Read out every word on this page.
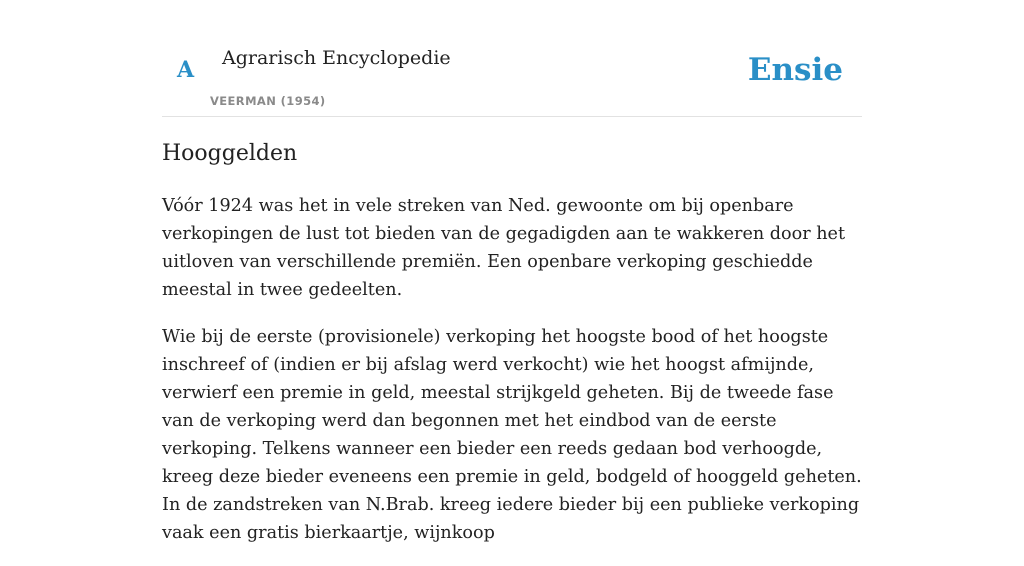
A Agrarisch Encyclopedie
VEERMAN (1954)
Ensie
Hooggelden

Vóór 1924 was het in vele streken van Ned. gewoonte om bij openbare verkopingen de lust tot bieden van de gegadigden aan te wakkeren door het uitloven van verschillende premiën. Een openbare verkoping geschiedde meestal in twee gedeelten.

Wie bij de eerste (provisionele) verkoping het hoogste bood of het hoogste inschreef of (indien er bij afslag werd verkocht) wie het hoogst afmijnde, verwierf een premie in geld, meestal strijkgeld geheten. Bij de tweede fase van de verkoping werd dan begonnen met het eindbod van de eerste verkoping. Telkens wanneer een bieder een reeds gedaan bod verhoogde, kreeg deze bieder eveneens een premie in geld, bodgeld of hooggeld geheten. In de zandstreken van N.Brab. kreeg iedere bieder bij een publieke verkoping vaak een gratis bierkaartje, wijnkoop
